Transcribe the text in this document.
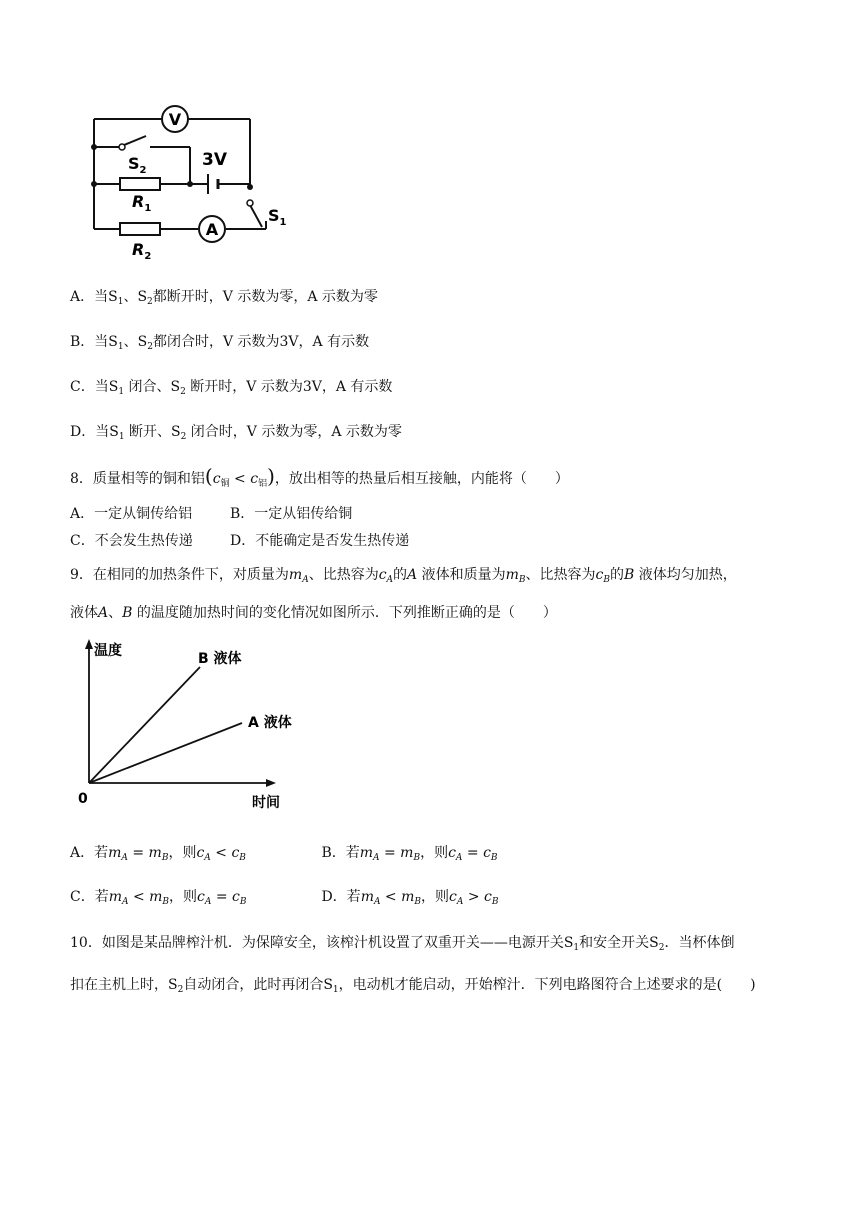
V
A
3V
$S_2$
$R_1$	$S_1$
$R_2$
A．当$S_1$、$S_2$都断开时，V 示数为零，A 示数为零
B．当$S_1$、$S_2$都闭合时，V 示数为3V，A 有示数
C．当$S_1$ 闭合、$S_2$ 断开时，V 示数为3V，A 有示数
D．当$S_1$ 断开、$S_2$ 闭合时，V 示数为零，A 示数为零
8．质量相等的铜和铝$(c_铜 < c_铝)$，放出相等的热量后相互接触，内能将（　　）
A．一定从铜传给铝	B．一定从铝传给铜
C．不会发生热传递	D．不能确定是否发生热传递
9．在相同的加热条件下，对质量为$m_A$、比热容为$c_A$的A 液体和质量为$m_B$、比热容为$c_B$的B 液体均匀加热，
液体A、B 的温度随加热时间的变化情况如图所示．下列推断正确的是（　　）
温度
时间
0
B 液体
A 液体
A．若$m_A = m_B$，则$c_A < c_B$	B．若$m_A = m_B$，则$c_A = c_B$
C．若$m_A < m_B$，则$c_A = c_B$	D．若$m_A < m_B$，则$c_A > c_B$
10．如图是某品牌榨汁机．为保障安全，该榨汁机设置了双重开关——电源开关$S_1$和安全开关$S_2$．当杯体倒
扣在主机上时，$S_2$自动闭合，此时再闭合$S_1$，电动机才能启动，开始榨汁．下列电路图符合上述要求的是(　　)
